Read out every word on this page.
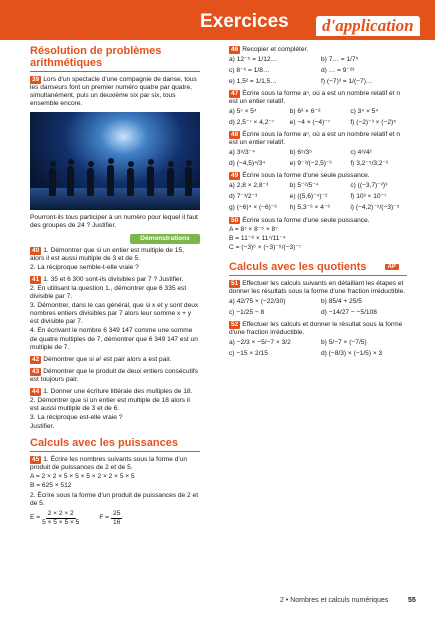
Exercices	d'application
Résolution de problèmes arithmétiques

39 Lors d'un spectacle d'une compagnie de danse, tous les danseurs font un premier numéro quatre par quatre, simultanément, puis un deuxième six par six, tous ensemble encore.

Pourront-ils tous participer à un numéro pour lequel il faut des groupes de 24 ? Justifier.

Démonstrations

40 1. Démontrer que si un entier est multiple de 15, alors il est aussi multiple de 3 et de 5.

2. La réciproque semble-t-elle vraie ?

41 1. 35 et 6 300 sont-ils divisibles par 7 ? Justifier.

2. En utilisant la question 1., démontrer que 6 335 est divisible par 7.

3. Démontrer, dans le cas général, que si x et y sont deux nombres entiers divisibles par 7 alors leur somme x + y est divisible par 7.

4. En écrivant le nombre 6 349 147 comme une somme de quatre multiples de 7, démontrer que 6 349 147 est un multiple de 7.

42 Démontrer que si a² est pair alors a est pair.

43 Démontrer que le produit de deux entiers consécutifs est toujours pair.

44 1. Donner une écriture littérale des multiples de 18.

2. Démontrer que si un entier est multiple de 18 alors il est aussi multiple de 3 et de 6.

3. La réciproque est-elle vraie ?

Justifier.

Calculs avec les puissances

45 1. Écrire les nombres suivants sous la forme d'un produit de puissances de 2 et de 5.

A = 2 × 2 × 5 × 5 × 5 × 2 × 2 × 5 × 5

B = 625 × 512

2. Écrire sous la forme d'un produit de puissances de 2 et de 5.

$E = \frac{2 \times 2 \times 2}{5 \times 5 \times 5 \times 5}$	$F = \frac{25}{16}$

46 Recopier et compléter.

a) 12⁻⁵ = 1/12…	b) 7… = 1/7⁵
c) 8⁻⁶ = 1/8…	d) … = 9⁻²³
e) 1,5² = 1/1,5…	f) (−7)³ = 1/(−7)…

47 Écrire sous la forme aⁿ, où a est un nombre relatif et n est un entier relatif.

a) 5⁷ × 5⁴	b) 6³ × 6⁻⁸	c) 3⁴ × 5⁴
d) 2,5⁻⁷ × 4,2⁻⁷	e) −4 × (−4)⁻⁷	f) (−2)⁻³ × (−2)⁵

48 Écrire sous la forme aⁿ, où a est un nombre relatif et n est un entier relatif.

a) 3⁸/3⁻⁴	b) 6⁵/3⁵	c) 4⁶/4²
d) (−4,5)⁴/3⁴	e) 9⁻³/(−2,5)⁻³	f) 3,2⁻⁵/3,2⁻²

49 Écrire sous la forme d'une seule puissance.

a) 2,8 × 2,8⁻³	b) 5⁻²/5⁻⁴	c) ((−3,7)⁻²)³
d) 7⁻³/2⁻³	e) ((5,6)⁻⁴)⁻²	f) 10³ × 10⁻⁷
g) (−6)⁴ × (−6)⁻³	h) 5,3⁻⁶ × 4⁻⁶	i) (−4,2)⁻⁵/(−3)⁻⁵

50 Écrire sous la forme d'une seule puissance.

A = 8⁷ × 8⁻⁵ × 8⁷

B = 11⁻⁸ × 11⁷/11⁻⁴

C = (−3)⁶ × (−3)⁻⁸/(−3)⁻⁷

Calculs avec les quotients	AP

51 Effectuer les calculs suivants en détaillant les étapes et donner les résultats sous la forme d'une fraction irréductible.

a) 42/75 × (−22/30)	b) 85/4 + 25/5
c) −1/25 − 8	d) −14/27 − −5/108

52 Effectuer les calculs et donner le résultat sous la forme d'une fraction irréductible.

a) −2/3 × −5/−7 × 3/2	b) 5/−7 × (−7/5)
c) −15 × 2/15	d) (−8/3) × (−1/5) × 3
2 • Nombres et calculs numériques	55
